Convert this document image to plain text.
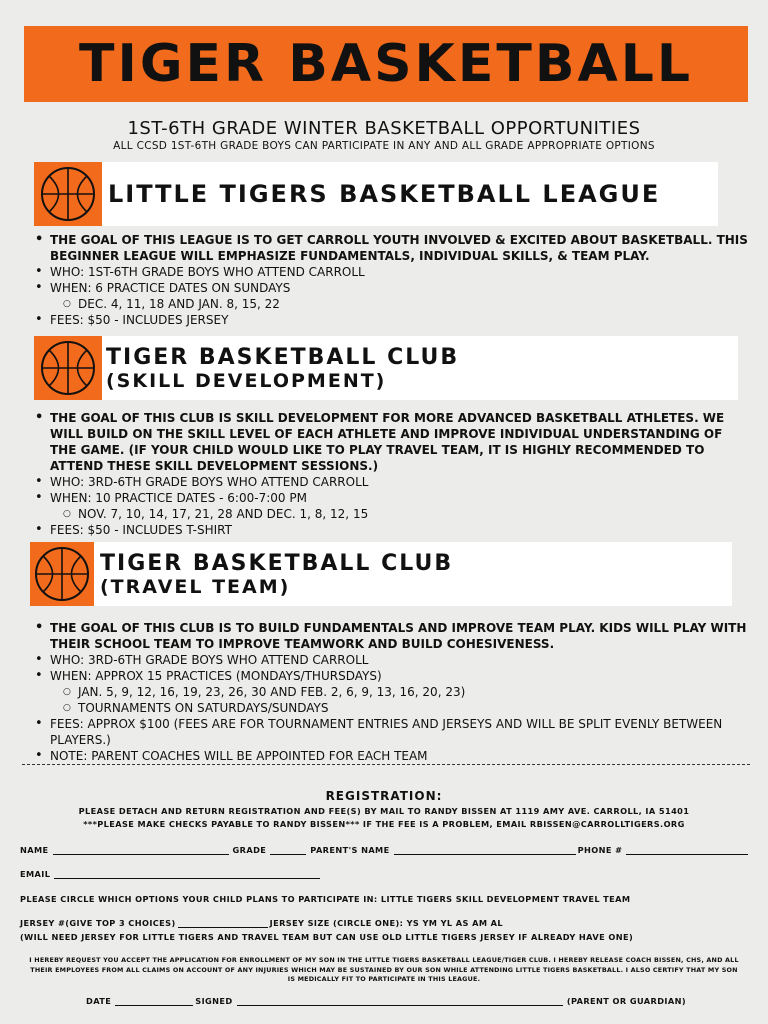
TIGER BASKETBALL
1ST-6TH GRADE WINTER BASKETBALL OPPORTUNITIES
ALL CCSD 1ST-6TH GRADE BOYS CAN PARTICIPATE IN ANY AND ALL GRADE APPROPRIATE OPTIONS
LITTLE TIGERS BASKETBALL LEAGUE
• THE GOAL OF THIS LEAGUE IS TO GET CARROLL YOUTH INVOLVED & EXCITED ABOUT BASKETBALL. THIS BEGINNER LEAGUE WILL EMPHASIZE FUNDAMENTALS, INDIVIDUAL SKILLS, & TEAM PLAY.
• WHO: 1ST-6TH GRADE BOYS WHO ATTEND CARROLL
• WHEN: 6 PRACTICE DATES ON SUNDAYS
○ DEC. 4, 11, 18 AND JAN. 8, 15, 22
• FEES: $50 - INCLUDES JERSEY
TIGER BASKETBALL CLUB
(SKILL DEVELOPMENT)
• THE GOAL OF THIS CLUB IS SKILL DEVELOPMENT FOR MORE ADVANCED BASKETBALL ATHLETES. WE WILL BUILD ON THE SKILL LEVEL OF EACH ATHLETE AND IMPROVE INDIVIDUAL UNDERSTANDING OF THE GAME. (IF YOUR CHILD WOULD LIKE TO PLAY TRAVEL TEAM, IT IS HIGHLY RECOMMENDED TO ATTEND THESE SKILL DEVELOPMENT SESSIONS.)
• WHO: 3RD-6TH GRADE BOYS WHO ATTEND CARROLL
• WHEN: 10 PRACTICE DATES - 6:00-7:00 PM
○ NOV. 7, 10, 14, 17, 21, 28 AND DEC. 1, 8, 12, 15
• FEES: $50 - INCLUDES T-SHIRT
TIGER BASKETBALL CLUB
(TRAVEL TEAM)
• THE GOAL OF THIS CLUB IS TO BUILD FUNDAMENTALS AND IMPROVE TEAM PLAY. KIDS WILL PLAY WITH THEIR SCHOOL TEAM TO IMPROVE TEAMWORK AND BUILD COHESIVENESS.
• WHO: 3RD-6TH GRADE BOYS WHO ATTEND CARROLL
• WHEN: APPROX 15 PRACTICES (MONDAYS/THURSDAYS)
○ JAN. 5, 9, 12, 16, 19, 23, 26, 30 AND FEB. 2, 6, 9, 13, 16, 20, 23)
○ TOURNAMENTS ON SATURDAYS/SUNDAYS
• FEES: APPROX $100 (FEES ARE FOR TOURNAMENT ENTRIES AND JERSEYS AND WILL BE SPLIT EVENLY BETWEEN PLAYERS.)
• NOTE: PARENT COACHES WILL BE APPOINTED FOR EACH TEAM
REGISTRATION:
PLEASE DETACH AND RETURN REGISTRATION AND FEE(S) BY MAIL TO RANDY BISSEN AT 1119 AMY AVE. CARROLL, IA 51401
***PLEASE MAKE CHECKS PAYABLE TO RANDY BISSEN*** IF THE FEE IS A PROBLEM, EMAIL RBISSEN@CARROLLTIGERS.ORG
NAME	GRADE	PARENT'S NAME	PHONE #
EMAIL
PLEASE CIRCLE WHICH OPTIONS YOUR CHILD PLANS TO PARTICIPATE IN: LITTLE TIGERS SKILL DEVELOPMENT TRAVEL TEAM
JERSEY #(GIVE TOP 3 CHOICES)	JERSEY SIZE (CIRCLE ONE): YS YM YL AS AM AL
(WILL NEED JERSEY FOR LITTLE TIGERS AND TRAVEL TEAM BUT CAN USE OLD LITTLE TIGERS JERSEY IF ALREADY HAVE ONE)
I HEREBY REQUEST YOU ACCEPT THE APPLICATION FOR ENROLLMENT OF MY SON IN THE LITTLE TIGERS BASKETBALL LEAGUE/TIGER CLUB. I HEREBY RELEASE COACH BISSEN, CHS, AND ALL THEIR EMPLOYEES FROM ALL CLAIMS ON ACCOUNT OF ANY INJURIES WHICH MAY BE SUSTAINED BY OUR SON WHILE ATTENDING LITTLE TIGERS BASKETBALL. I ALSO CERTIFY THAT MY SON IS MEDICALLY FIT TO PARTICIPATE IN THIS LEAGUE.
DATE	SIGNED	(PARENT OR GUARDIAN)
